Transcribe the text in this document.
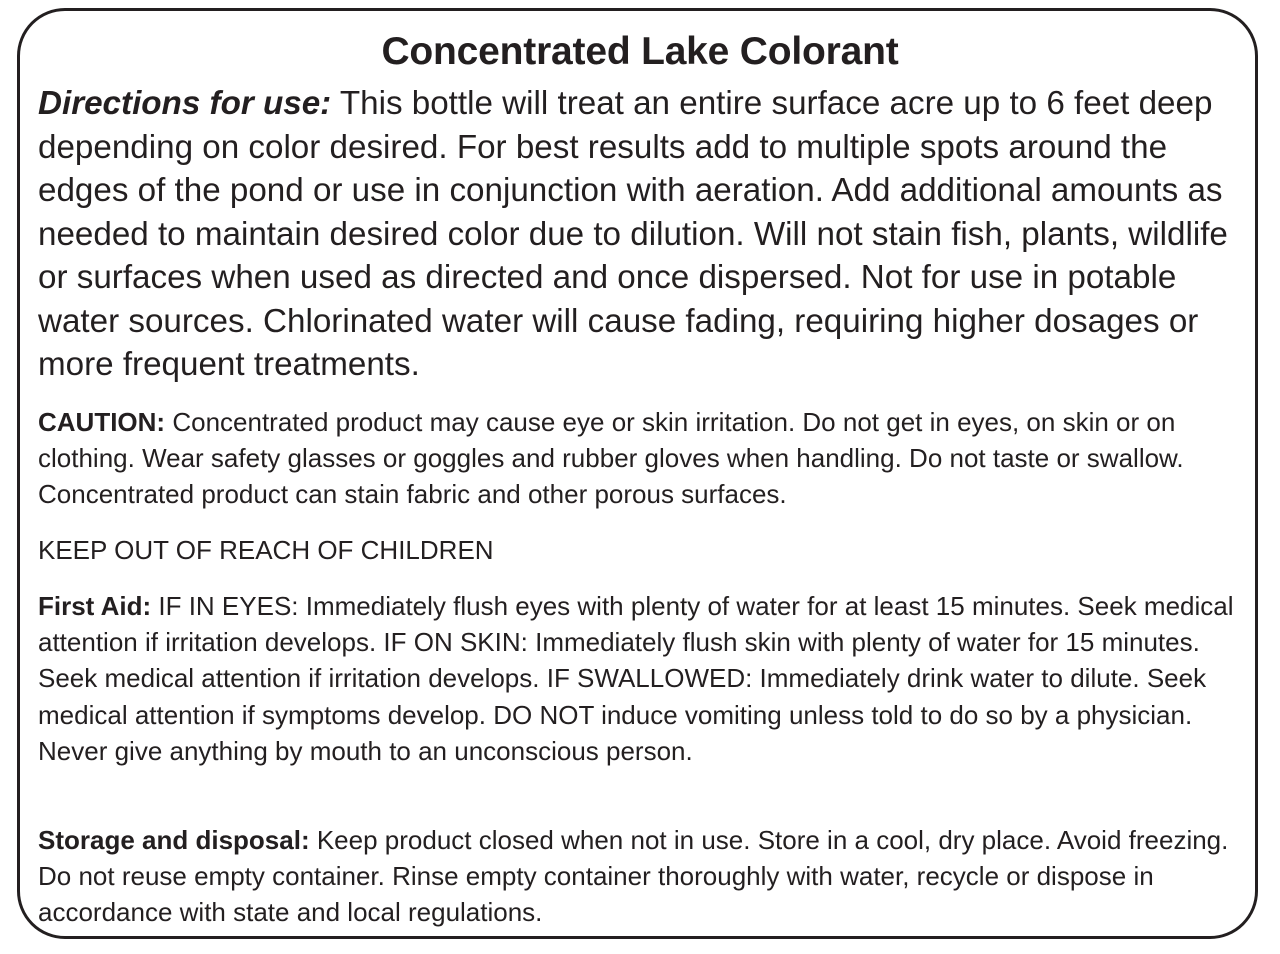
Concentrated Lake Colorant

Directions for use: This bottle will treat an entire surface acre up to 6 feet deep depending on color desired. For best results add to multiple spots around the edges of the pond or use in conjunction with aeration. Add additional amounts as needed to maintain desired color due to dilution. Will not stain fish, plants, wildlife or surfaces when used as directed and once dispersed. Not for use in potable water sources. Chlorinated water will cause fading, requiring higher dosages or more frequent treatments.

CAUTION: Concentrated product may cause eye or skin irritation. Do not get in eyes, on skin or on clothing. Wear safety glasses or goggles and rubber gloves when handling. Do not taste or swallow. Concentrated product can stain fabric and other porous surfaces.

KEEP OUT OF REACH OF CHILDREN

First Aid: IF IN EYES: Immediately flush eyes with plenty of water for at least 15 minutes. Seek medical attention if irritation develops. IF ON SKIN: Immediately flush skin with plenty of water for 15 minutes. Seek medical attention if irritation develops. IF SWALLOWED: Immediately drink water to dilute. Seek medical attention if symptoms develop. DO NOT induce vomiting unless told to do so by a physician. Never give anything by mouth to an unconscious person.

Storage and disposal: Keep product closed when not in use. Store in a cool, dry place. Avoid freezing. Do not reuse empty container. Rinse empty container thoroughly with water, recycle or dispose in accordance with state and local regulations.
